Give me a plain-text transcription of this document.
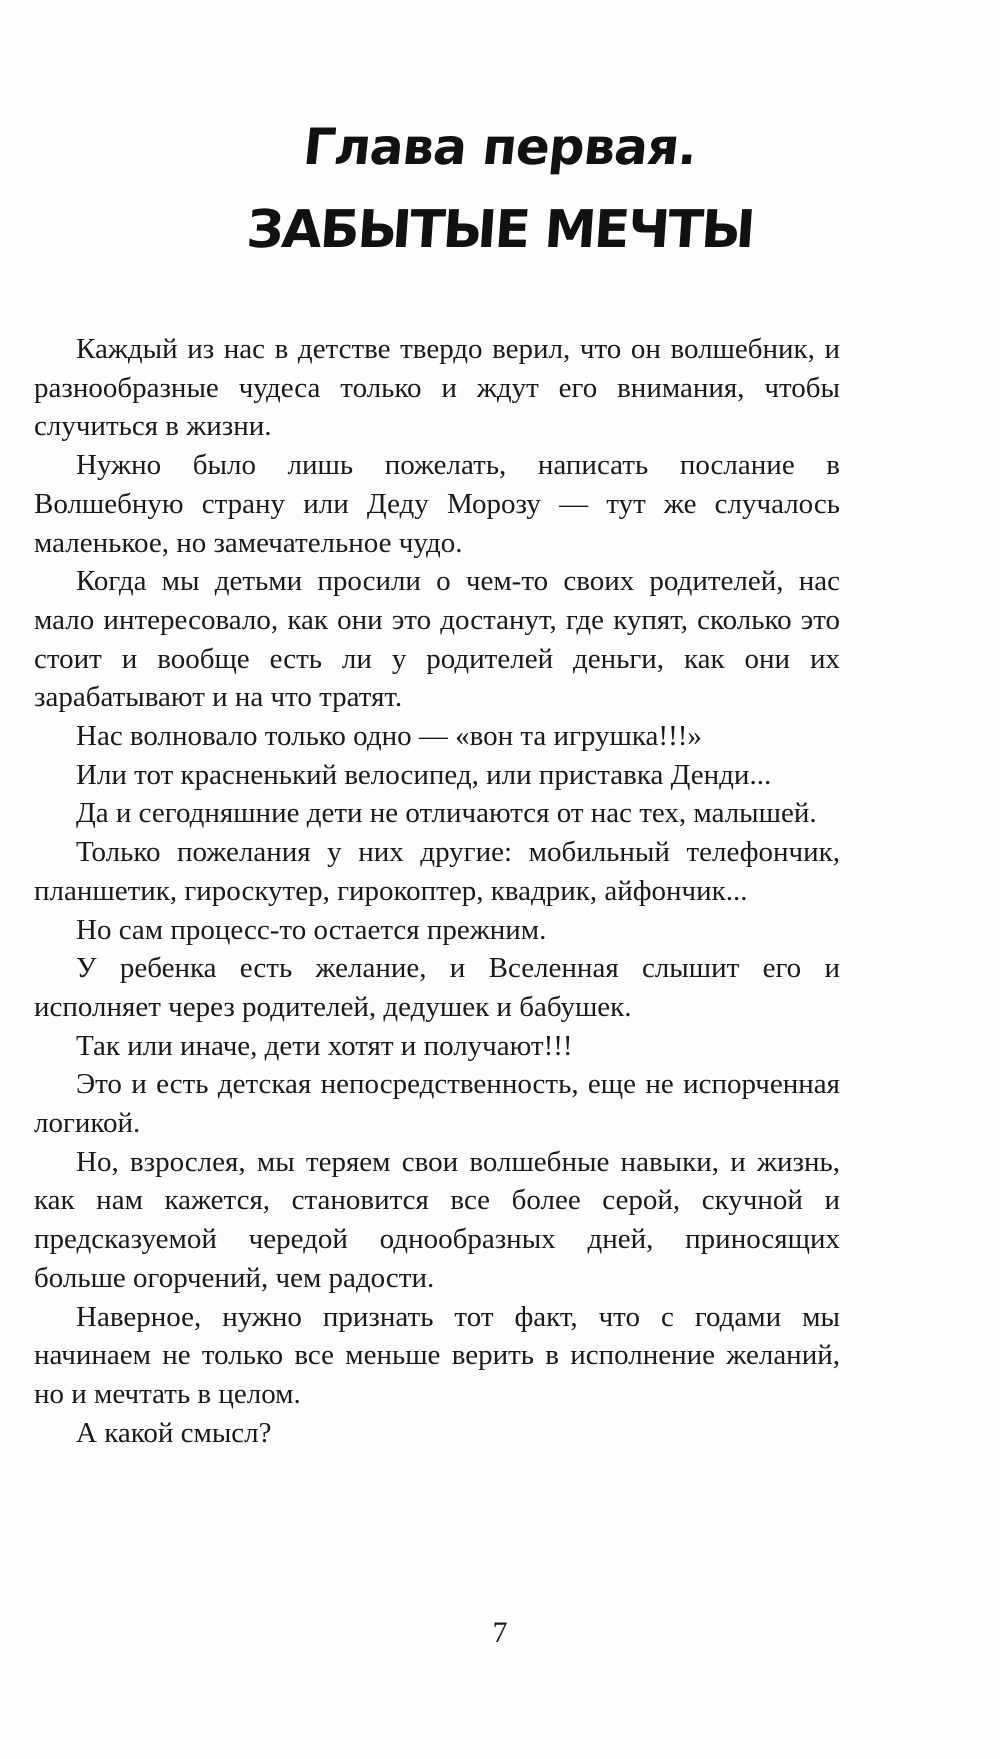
Глава первая.
ЗАБЫТЫЕ МЕЧТЫ

Каждый из нас в детстве твердо верил, что он волшебник, и разнообразные чудеса только и ждут его внимания, чтобы случиться в жизни.

Нужно было лишь пожелать, написать послание в Волшебную страну или Деду Морозу — тут же случалось маленькое, но замечательное чудо.

Когда мы детьми просили о чем-то своих родителей, нас мало интересовало, как они это достанут, где купят, сколько это стоит и вообще есть ли у родителей деньги, как они их зарабатывают и на что тратят.

Нас волновало только одно — «вон та игрушка!!!»

Или тот красненький велосипед, или приставка Денди...

Да и сегодняшние дети не отличаются от нас тех, малышей.

Только пожелания у них другие: мобильный телефончик, планшетик, гироскутер, гирокоптер, квадрик, айфончик...

Но сам процесс-то остается прежним.

У ребенка есть желание, и Вселенная слышит его и исполняет через родителей, дедушек и бабушек.

Так или иначе, дети хотят и получают!!!

Это и есть детская непосредственность, еще не испорченная логикой.

Но, взрослея, мы теряем свои волшебные навыки, и жизнь, как нам кажется, становится все более серой, скучной и предсказуемой чередой однообразных дней, приносящих больше огорчений, чем радости.

Наверное, нужно признать тот факт, что с годами мы начинаем не только все меньше верить в исполнение желаний, но и мечтать в целом.

А какой смысл?

7
